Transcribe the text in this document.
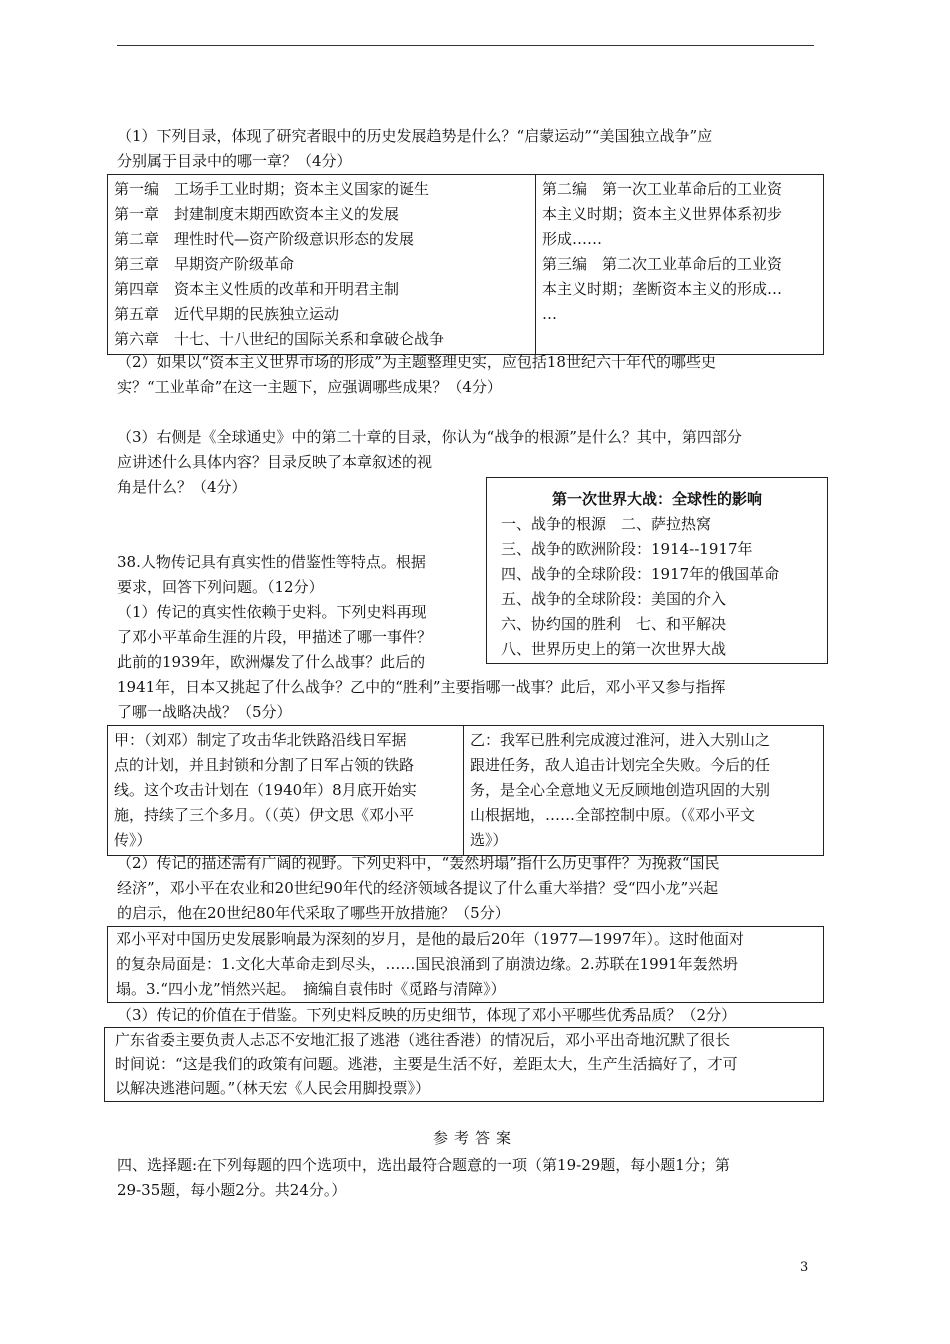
（1）下列目录，体现了研究者眼中的历史发展趋势是什么？“启蒙运动”“美国独立战争”应
分别属于目录中的哪一章？（4分）
第一编　工场手工业时期；资本主义国家的诞生
第一章　封建制度末期西欧资本主义的发展
第二章　理性时代—资产阶级意识形态的发展
第三章　早期资产阶级革命
第四章　资本主义性质的改革和开明君主制
第五章　近代早期的民族独立运动
第六章　十七、十八世纪的国际关系和拿破仑战争

第二编　第一次工业革命后的工业资
本主义时期；资本主义世界体系初步
形成……
第三编　第二次工业革命后的工业资
本主义时期；垄断资本主义的形成…
…
（2）如果以“资本主义世界市场的形成”为主题整理史实，应包括18世纪六十年代的哪些史
实？“工业革命”在这一主题下，应强调哪些成果？（4分）
（3）右侧是《全球通史》中的第二十章的目录，你认为“战争的根源”是什么？其中，第四部分
应讲述什么具体内容？目录反映了本章叙述的视
角是什么？（4分）
第一次世界大战：全球性的影响
一、战争的根源　二、萨拉热窝
三、战争的欧洲阶段：1914--1917年
四、战争的全球阶段：1917年的俄国革命
五、战争的全球阶段：美国的介入
六、协约国的胜利　七、和平解决
八、世界历史上的第一次世界大战
38.人物传记具有真实性的借鉴性等特点。根据
要求，回答下列问题。（12分）
（1）传记的真实性依赖于史料。下列史料再现
了邓小平革命生涯的片段，甲描述了哪一事件？
此前的1939年，欧洲爆发了什么战事？此后的
1941年，日本又挑起了什么战争？乙中的“胜利”主要指哪一战事？此后，邓小平又参与指挥
了哪一战略决战？（5分）
甲：（刘邓）制定了攻击华北铁路沿线日军据
点的计划，并且封锁和分割了日军占领的铁路
线。这个攻击计划在（1940年）8月底开始实
施，持续了三个多月。（（英）伊文思《邓小平
传》）

乙：我军已胜利完成渡过淮河，进入大别山之
跟进任务，敌人追击计划完全失败。今后的任
务，是全心全意地义无反顾地创造巩固的大别
山根据地，……全部控制中原。（《邓小平文
选》）
（2）传记的描述需有广阔的视野。下列史料中，“轰然坍塌”指什么历史事件？为挽救“国民
经济”，邓小平在农业和20世纪90年代的经济领域各提议了什么重大举措？受“四小龙”兴起
的启示，他在20世纪80年代采取了哪些开放措施？（5分）
邓小平对中国历史发展影响最为深刻的岁月，是他的最后20年（1977—1997年）。这时他面对
的复杂局面是：1.文化大革命走到尽头，……国民浪涌到了崩溃边缘。2.苏联在1991年轰然坍
塌。3.“四小龙”悄然兴起。　摘编自袁伟时《觅路与清障》）
（3）传记的价值在于借鉴。下列史料反映的历史细节，体现了邓小平哪些优秀品质？（2分）
广东省委主要负责人忐忑不安地汇报了逃港（逃往香港）的情况后，邓小平出奇地沉默了很长
时间说：“这是我们的政策有问题。逃港，主要是生活不好，差距太大，生产生活搞好了，才可
以解决逃港问题。”（林天宏《人民会用脚投票》）
参考答案
四、选择题:在下列每题的四个选项中，选出最符合题意的一项（第19-29题，每小题1分；第
29-35题，每小题2分。共24分。）
3
